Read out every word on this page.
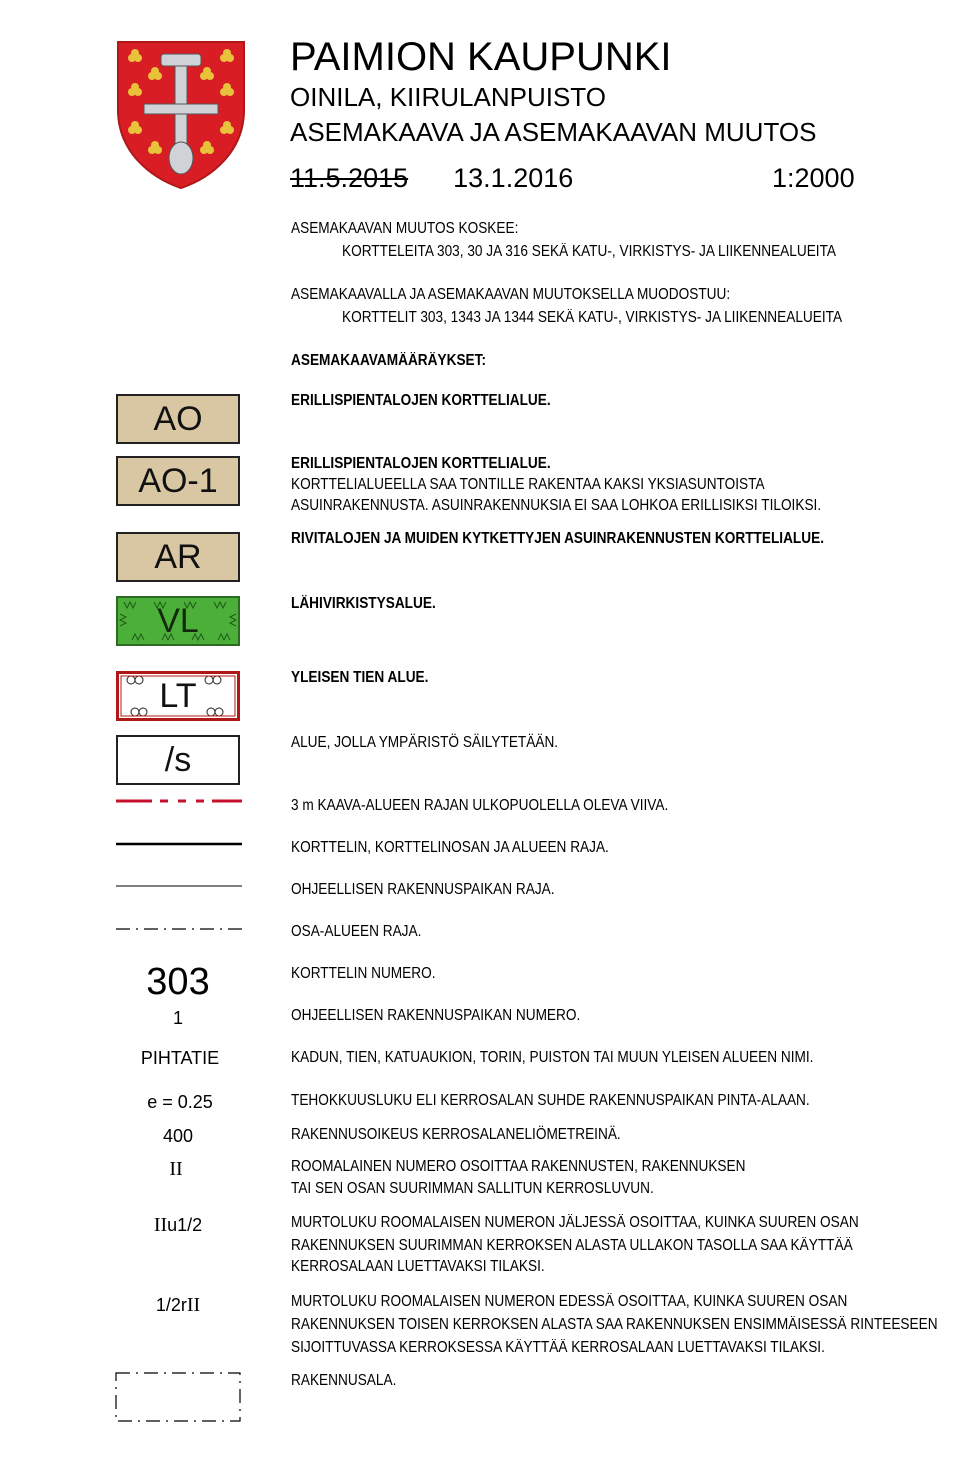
PAIMION KAUPUNKI
OINILA, KIIRULANPUISTO
ASEMAKAAVA JA ASEMAKAAVAN MUUTOS
11.5.2015 13.1.2016	1:2000
ASEMAKAAVAN MUUTOS KOSKEE:
KORTTELEITA 303, 30 JA 316 SEKÄ KATU-, VIRKISTYS- JA LIIKENNEALUEITA
ASEMAKAAVALLA JA ASEMAKAAVAN MUUTOKSELLA MUODOSTUU:
KORTTELIT 303, 1343 JA 1344 SEKÄ KATU-, VIRKISTYS- JA LIIKENNEALUEITA
ASEMAKAAVAMÄÄRÄYKSET:
AO	ERILLISPIENTALOJEN KORTTELIALUE.
AO-1	ERILLISPIENTALOJEN KORTTELIALUE.
KORTTELIALUEELLA SAA TONTILLE RAKENTAA KAKSI YKSIASUNTOISTA
ASUINRAKENNUSTA. ASUINRAKENNUKSIA EI SAA LOHKOA ERILLISIKSI TILOIKSI.
AR	RIVITALOJEN JA MUIDEN KYTKETTYJEN ASUINRAKENNUSTEN KORTTELIALUE.
VL	LÄHIVIRKISTYSALUE.
LT	YLEISEN TIEN ALUE.
/s	ALUE, JOLLA YMPÄRISTÖ SÄILYTETÄÄN.
3 m KAAVA-ALUEEN RAJAN ULKOPUOLELLA OLEVA VIIVA.
KORTTELIN, KORTTELINOSAN JA ALUEEN RAJA.
OHJEELLISEN RAKENNUSPAIKAN RAJA.
OSA-ALUEEN RAJA.
303	KORTTELIN NUMERO.
1	OHJEELLISEN RAKENNUSPAIKAN NUMERO.
PIHTATIE	KADUN, TIEN, KATUAUKION, TORIN, PUISTON TAI MUUN YLEISEN ALUEEN NIMI.
e = 0.25	TEHOKKUUSLUKU ELI KERROSALAN SUHDE RAKENNUSPAIKAN PINTA-ALAAN.
400	RAKENNUSOIKEUS KERROSALANELIÖMETREINÄ.
II	ROOMALAINEN NUMERO OSOITTAA RAKENNUSTEN, RAKENNUKSEN
TAI SEN OSAN SUURIMMAN SALLITUN KERROSLUVUN.
IIu1/2	MURTOLUKU ROOMALAISEN NUMERON JÄLJESSÄ OSOITTAA, KUINKA SUUREN OSAN
RAKENNUKSEN SUURIMMAN KERROKSEN ALASTA ULLAKON TASOLLA SAA KÄYTTÄÄ
KERROSALAAN LUETTAVAKSI TILAKSI.
1/2rII	MURTOLUKU ROOMALAISEN NUMERON EDESSÄ OSOITTAA, KUINKA SUUREN OSAN
RAKENNUKSEN TOISEN KERROKSEN ALASTA SAA RAKENNUKSEN ENSIMMÄISESSÄ RINTEESEEN
SIJOITTUVASSA KERROKSESSA KÄYTTÄÄ KERROSALAAN LUETTAVAKSI TILAKSI.
RAKENNUSALA.
